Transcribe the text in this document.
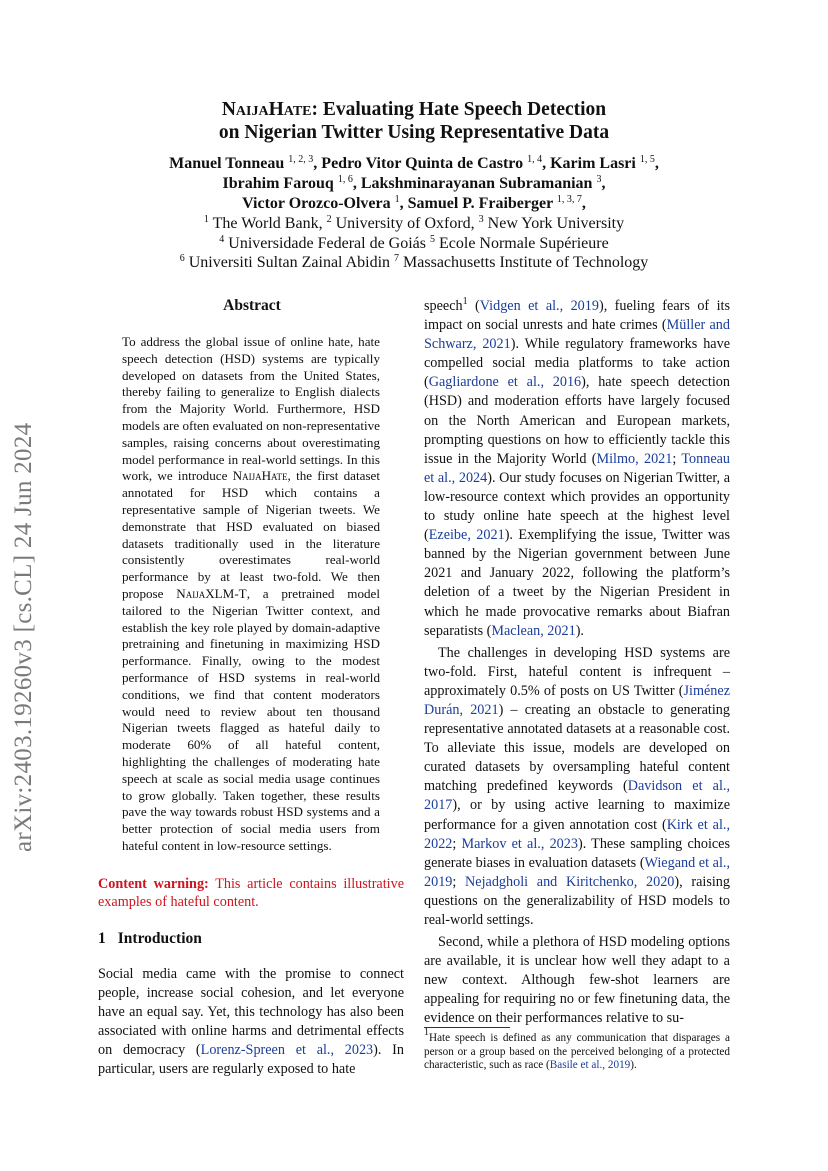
arXiv:2403.19260v3 [cs.CL] 24 Jun 2024
NaijaHate: Evaluating Hate Speech Detection
on Nigerian Twitter Using Representative Data
Manuel Tonneau $^{1, 2, 3}$, Pedro Vitor Quinta de Castro $^{1, 4}$, Karim Lasri $^{1, 5}$,
Ibrahim Farouq $^{1, 6}$, Lakshminarayanan Subramanian $^3$,
Victor Orozco-Olvera $^1$, Samuel P. Fraiberger $^{1, 3, 7}$,
$^1$ The World Bank, $^2$ University of Oxford, $^3$ New York University
$^4$ Universidade Federal de Goiás $^5$ Ecole Normale Supérieure
$^6$ Universiti Sultan Zainal Abidin $^7$ Massachusetts Institute of Technology
Abstract
To address the global issue of online hate, hate speech detection (HSD) systems are typically developed on datasets from the United States, thereby failing to generalize to English dialects from the Majority World. Furthermore, HSD models are often evaluated on non-representative samples, raising concerns about overestimating model performance in real-world settings. In this work, we introduce NaijaHate, the first dataset annotated for HSD which contains a representative sample of Nigerian tweets. We demonstrate that HSD evaluated on biased datasets traditionally used in the literature consistently overestimates real-world performance by at least two-fold. We then propose NaijaXLM-T, a pretrained model tailored to the Nigerian Twitter context, and establish the key role played by domain-adaptive pretraining and finetuning in maximizing HSD performance. Finally, owing to the modest performance of HSD systems in real-world conditions, we find that content moderators would need to review about ten thousand Nigerian tweets flagged as hateful daily to moderate 60% of all hateful content, highlighting the challenges of moderating hate speech at scale as social media usage continues to grow globally. Taken together, these results pave the way towards robust HSD systems and a better protection of social media users from hateful content in low-resource settings.
Content warning: This article contains illustrative examples of hateful content.
1 Introduction
Social media came with the promise to connect people, increase social cohesion, and let everyone have an equal say. Yet, this technology has also been associated with online harms and detrimental effects on democracy (Lorenz-Spreen et al., 2023). In particular, users are regularly exposed to hate

speech$^1$ (Vidgen et al., 2019), fueling fears of its impact on social unrests and hate crimes (Müller and Schwarz, 2021). While regulatory frameworks have compelled social media platforms to take action (Gagliardone et al., 2016), hate speech detection (HSD) and moderation efforts have largely focused on the North American and European markets, prompting questions on how to efficiently tackle this issue in the Majority World (Milmo, 2021; Tonneau et al., 2024). Our study focuses on Nigerian Twitter, a low-resource context which provides an opportunity to study online hate speech at the highest level (Ezeibe, 2021). Exemplifying the issue, Twitter was banned by the Nigerian government between June 2021 and January 2022, following the platform’s deletion of a tweet by the Nigerian President in which he made provocative remarks about Biafran separatists (Maclean, 2021).

The challenges in developing HSD systems are two-fold. First, hateful content is infrequent – approximately 0.5% of posts on US Twitter (Jiménez Durán, 2021) – creating an obstacle to generating representative annotated datasets at a reasonable cost. To alleviate this issue, models are developed on curated datasets by oversampling hateful content matching predefined keywords (Davidson et al., 2017), or by using active learning to maximize performance for a given annotation cost (Kirk et al., 2022; Markov et al., 2023). These sampling choices generate biases in evaluation datasets (Wiegand et al., 2019; Nejadgholi and Kiritchenko, 2020), raising questions on the generalizability of HSD models to real-world settings.

Second, while a plethora of HSD modeling options are available, it is unclear how well they adapt to a new context. Although few-shot learners are appealing for requiring no or few finetuning data, the evidence on their performances relative to su-

$^1$Hate speech is defined as any communication that disparages a person or a group based on the perceived belonging of a protected characteristic, such as race (Basile et al., 2019).
